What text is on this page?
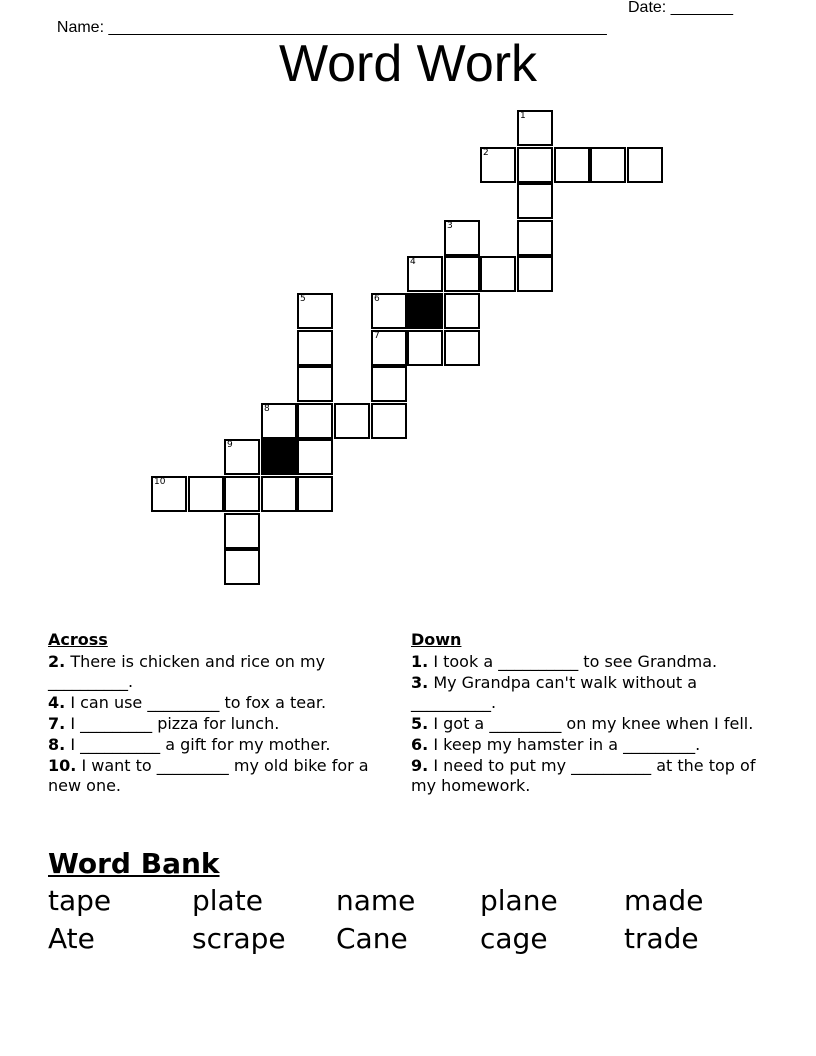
Name: ________________________________________________________

Date: _______

Word Work
1
2
3
4
5	6
7
8
9
10
Across
2. There is chicken and rice on my __________.
4. I can use _________ to fox a tear.
7. I _________ pizza for lunch.
8. I __________ a gift for my mother.
10. I want to _________ my old bike for a new one.
Down
1. I took a __________ to see Grandma.
3. My Grandpa can't walk without a __________.
5. I got a _________ on my knee when I fell.
6. I keep my hamster in a _________.
9. I need to put my __________ at the top of my homework.
Word Bank
tape	plate	name	plane	made
Ate	scrape	Cane	cage	trade
